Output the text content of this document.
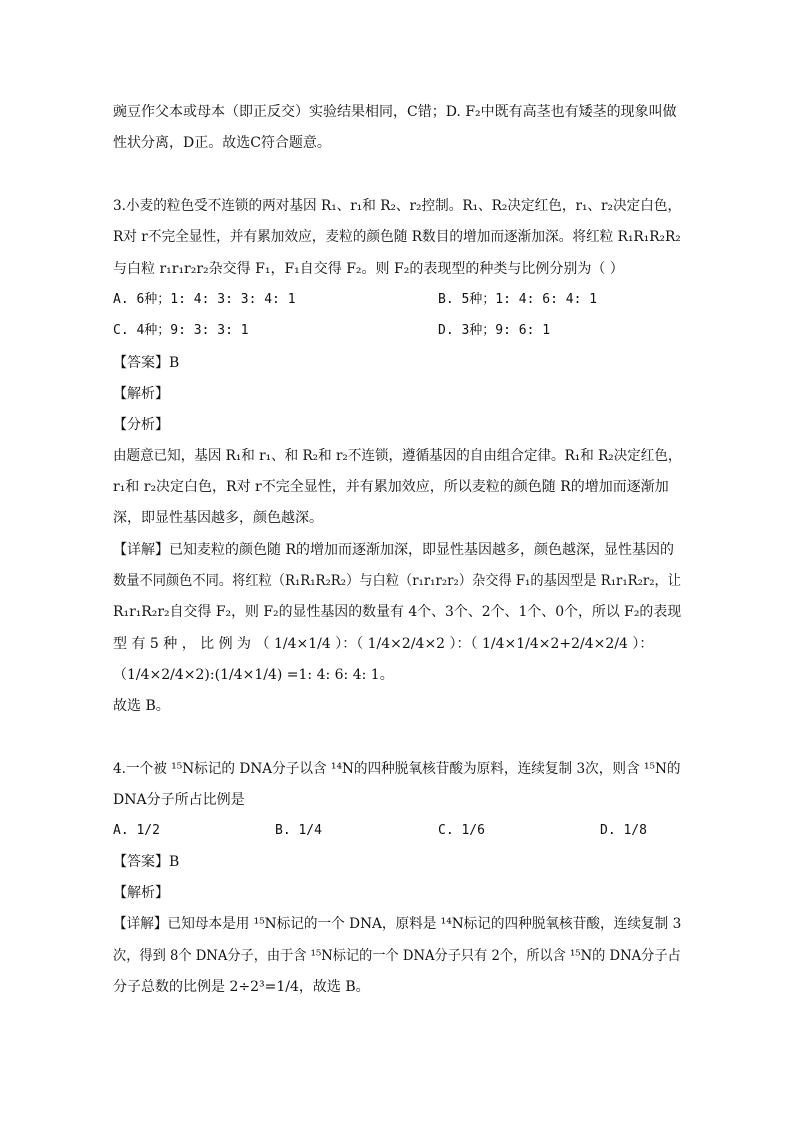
豌豆作父本或母本（即正反交）实验结果相同，C错；D. F₂中既有高茎也有矮茎的现象叫做
性状分离，D正。故选C符合题意。
3.小麦的粒色受不连锁的两对基因 R₁、r₁和 R₂、r₂控制。R₁、R₂决定红色，r₁、r₂决定白色，
R对 r不完全显性，并有累加效应，麦粒的颜色随 R数目的增加而逐渐加深。将红粒 R₁R₁R₂R₂
与白粒 r₁r₁r₂r₂杂交得 F₁，F₁自交得 F₂。则 F₂的表现型的种类与比例分别为（ ）
A. 6种；1: 4: 3: 3: 4: 1	B. 5种；1: 4: 6: 4: 1
C. 4种；9: 3: 3: 1	D. 3种；9: 6: 1
【答案】B
【解析】
【分析】
由题意已知，基因 R₁和 r₁、和 R₂和 r₂不连锁，遵循基因的自由组合定律。R₁和 R₂决定红色，
r₁和 r₂决定白色，R对 r不完全显性，并有累加效应，所以麦粒的颜色随 R的增加而逐渐加
深，即显性基因越多，颜色越深。
【详解】已知麦粒的颜色随 R的增加而逐渐加深，即显性基因越多，颜色越深，显性基因的
数量不同颜色不同。将红粒（R₁R₁R₂R₂）与白粒（r₁r₁r₂r₂）杂交得 F₁的基因型是 R₁r₁R₂r₂，让
R₁r₁R₂r₂自交得 F₂，则 F₂的显性基因的数量有 4个、3个、2个、1个、0个，所以 F₂的表现
型 有 5 种 ， 比 例 为 （ 1/4×1/4 ）：（ 1/4×2/4×2 ）：（ 1/4×1/4×2+2/4×2/4 ）：
（1/4×2/4×2):(1/4×1/4) =1: 4: 6: 4: 1。
故选 B。
4.一个被 ¹⁵N标记的 DNA分子以含 ¹⁴N的四种脱氧核苷酸为原料，连续复制 3次，则含 ¹⁵N的
DNA分子所占比例是
A. 1/2	B. 1/4	C. 1/6	D. 1/8
【答案】B
【解析】
【详解】已知母本是用 ¹⁵N标记的一个 DNA，原料是 ¹⁴N标记的四种脱氧核苷酸，连续复制 3
次，得到 8个 DNA分子，由于含 ¹⁵N标记的一个 DNA分子只有 2个，所以含 ¹⁵N的 DNA分子占
分子总数的比例是 2÷2³=1/4，故选 B。
